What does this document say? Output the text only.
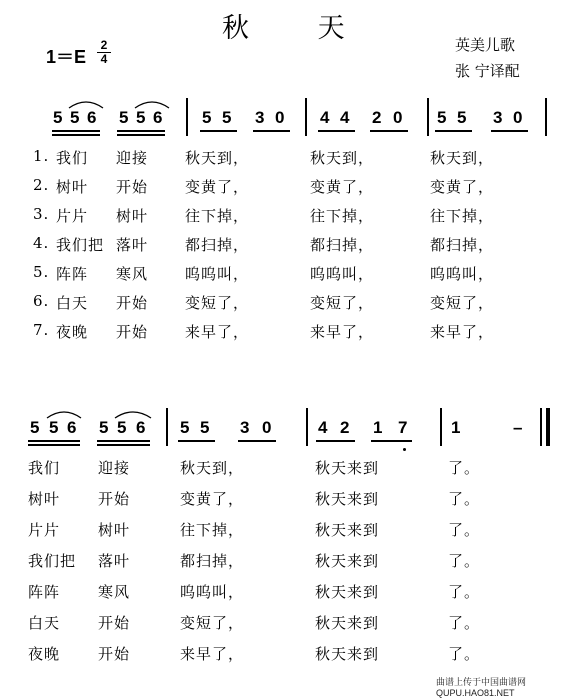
秋 天
1＝E
2
4
英美儿歌
张 宁译配
5 5 6 5 5 6 5 5 3 0 4 4 2 0 5 5 3 0
1. 我们 迎接 秋天到，	秋天到，	秋天到，
2. 树叶 开始 变黄了，	变黄了，	变黄了，
3. 片片 树叶 往下掉，	往下掉，	往下掉，
4. 我们把 落叶 都扫掉，	都扫掉，	都扫掉，
5. 阵阵 寒风 呜呜叫，	呜呜叫，	呜呜叫，
6. 白天 开始 变短了，	变短了，	变短了，
7. 夜晚 开始 来早了，	来早了，	来早了，
5 5 6 5 5 6 5 5 3 0	4 2 1 7	1	–
我们	迎接	秋天到，	秋天来到	了。
树叶	开始	变黄了，	秋天来到	了。
片片	树叶	往下掉，	秋天来到	了。
我们把 落叶	都扫掉，	秋天来到	了。
阵阵	寒风	呜呜叫，	秋天来到	了。
白天	开始	变短了，	秋天来到	了。
夜晚	开始	来早了，	秋天来到	了。
曲谱上传于中国曲谱网 QUPU.HAO81.NET
